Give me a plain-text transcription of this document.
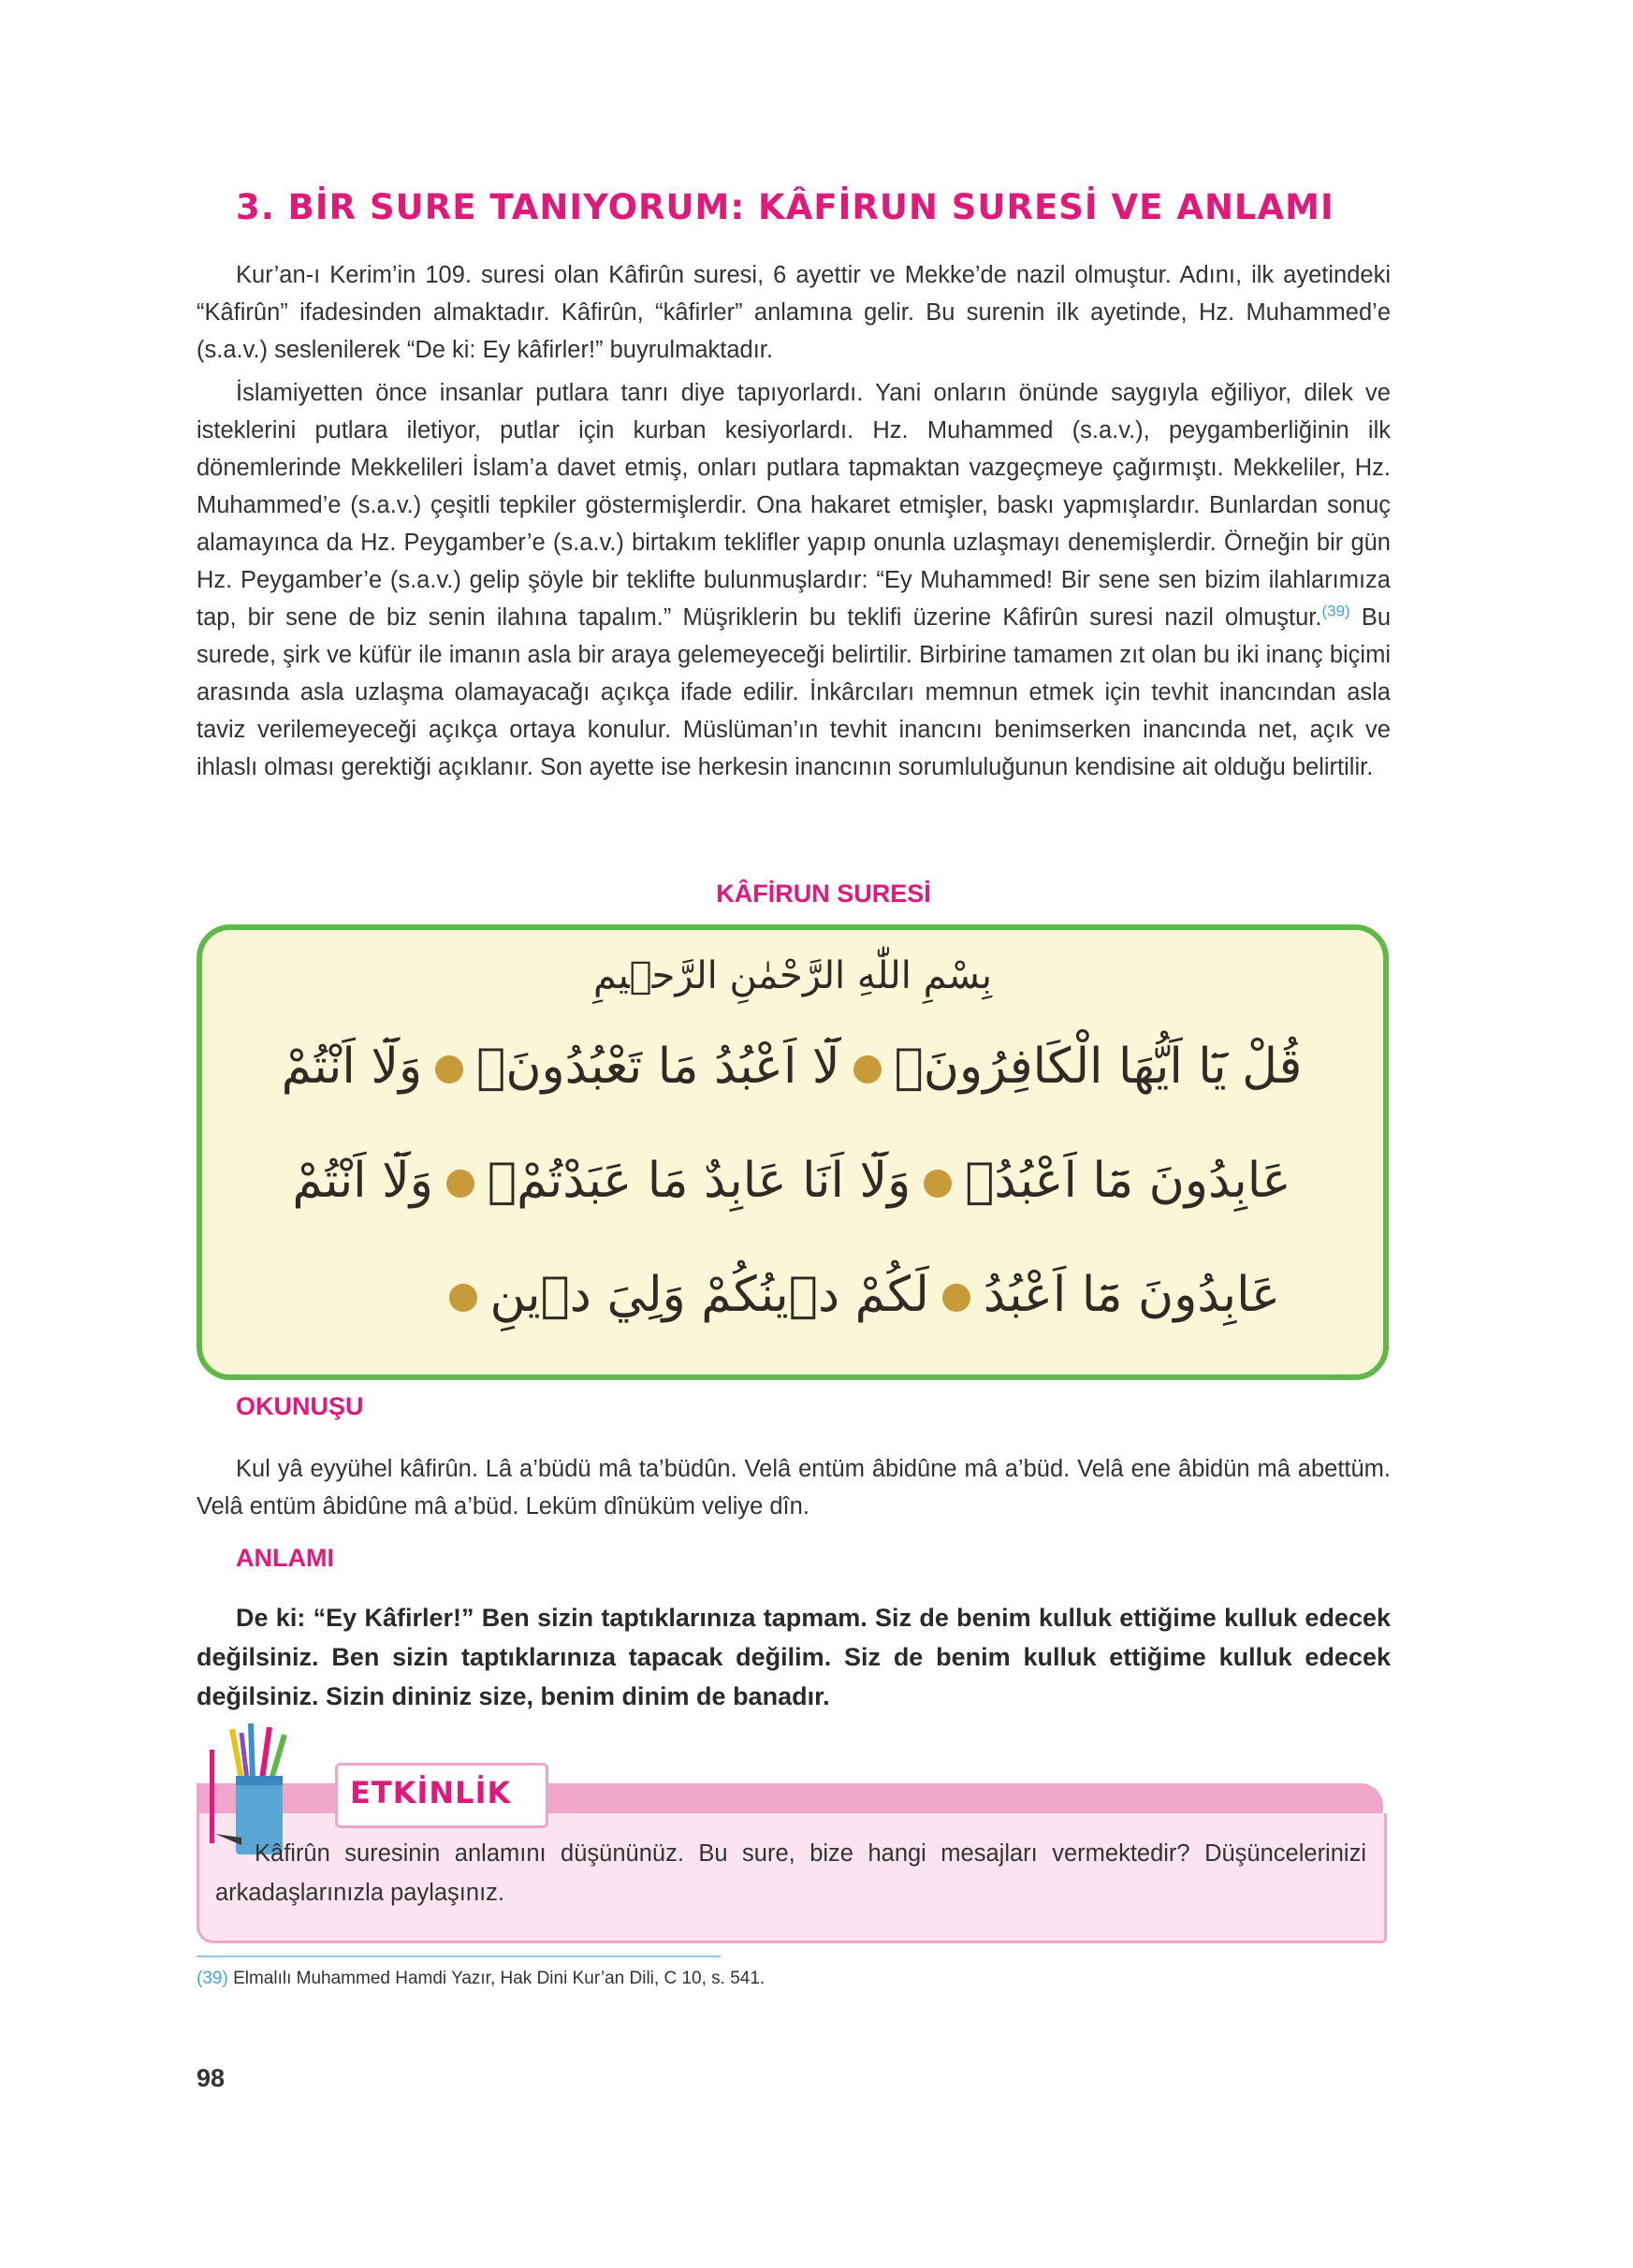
3. BİR SURE TANIYORUM: KÂFİRUN SURESİ VE ANLAMI

Kur’an-ı Kerim’in 109. suresi olan Kâfirûn suresi, 6 ayettir ve Mekke’de nazil olmuştur. Adını, ilk ayetindeki “Kâfirûn” ifadesinden almaktadır. Kâfirûn, “kâfirler” anlamına gelir. Bu surenin ilk ayetinde, Hz. Muhammed’e (s.a.v.) seslenilerek “De ki: Ey kâfirler!” buyrulmaktadır.

İslamiyetten önce insanlar putlara tanrı diye tapıyorlardı. Yani onların önünde saygıyla eğiliyor, dilek ve isteklerini putlara iletiyor, putlar için kurban kesiyorlardı. Hz. Muhammed (s.a.v.), peygamberliğinin ilk dönemlerinde Mekkelileri İslam’a davet etmiş, onları putlara tapmaktan vazgeçmeye çağırmıştı. Mekkeliler, Hz. Muhammed’e (s.a.v.) çeşitli tepkiler göstermişlerdir. Ona hakaret etmişler, baskı yapmışlardır. Bunlardan sonuç alamayınca da Hz. Peygamber’e (s.a.v.) birtakım teklifler yapıp onunla uzlaşmayı denemişlerdir. Örneğin bir gün Hz. Peygamber’e (s.a.v.) gelip şöyle bir teklifte bulunmuşlardır: “Ey Muhammed! Bir sene sen bizim ilahlarımıza tap, bir sene de biz senin ilahına tapalım.” Müşriklerin bu teklifi üzerine Kâfirûn suresi nazil olmuştur.$^{(39)}$ Bu surede, şirk ve küfür ile imanın asla bir araya gelemeyeceği belirtilir. Birbirine tamamen zıt olan bu iki inanç biçimi arasında asla uzlaşma olamayacağı açıkça ifade edilir. İnkârcıları memnun etmek için tevhit inancından asla taviz verilemeyeceği açıkça ortaya konulur. Müslüman’ın tevhit inancını benimserken inancında net, açık ve ihlaslı olması gerektiği açıklanır. Son ayette ise herkesin inancının sorumluluğunun kendisine ait olduğu belirtilir.

KÂFİRUN SURESİ
بِسْمِ اللّٰهِ الرَّحْمٰنِ الرَّح۪يمِ
قُلْ يَٓا اَيُّهَا الْكَافِرُونَۙلَٓا اَعْبُدُ مَا تَعْبُدُونَۙوَلَٓا اَنْتُمْ
عَابِدُونَ مَٓا اَعْبُدُۚوَلَٓا اَنَا عَابِدٌ مَا عَبَدْتُمْۙوَلَٓا اَنْتُمْ
عَابِدُونَ مَٓا اَعْبُدُلَكُمْ د۪ينُكُمْ وَلِيَ د۪ينِ
OKUNUŞU

Kul yâ eyyühel kâfirûn. Lâ a’büdü mâ ta’büdûn. Velâ entüm âbidûne mâ a’büd. Velâ ene âbidün mâ abettüm. Velâ entüm âbidûne mâ a’büd. Leküm dînüküm veliye dîn.

ANLAMI

De ki: “Ey Kâfirler!” Ben sizin taptıklarınıza tapmam. Siz de benim kulluk ettiğime kulluk edecek değilsiniz. Ben sizin taptıklarınıza tapacak değilim. Siz de benim kulluk ettiğime kulluk edecek değilsiniz. Sizin dininiz size, benim dinim de banadır.

ETKİNLİK

Kâfirûn suresinin anlamını düşününüz. Bu sure, bize hangi mesajları vermektedir? Düşüncelerinizi arkadaşlarınızla paylaşınız.

(39) Elmalılı Muhammed Hamdi Yazır, Hak Dini Kur’an Dili, C 10, s. 541.
98
